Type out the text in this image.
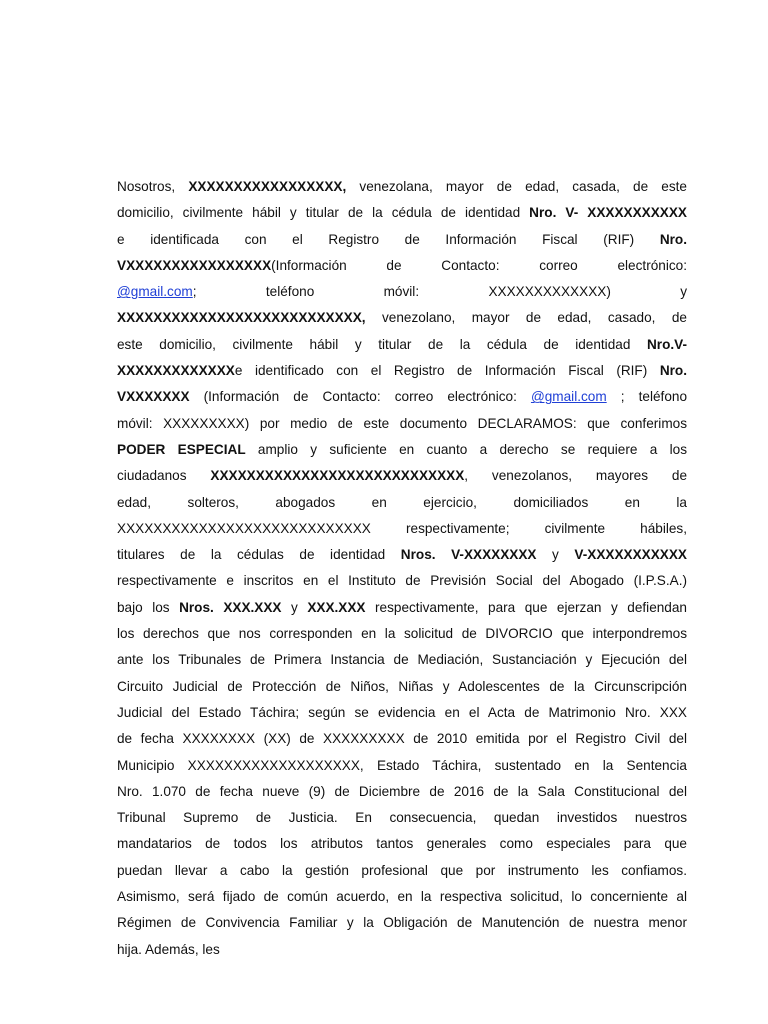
Nosotros, XXXXXXXXXXXXXXXXX, venezolana, mayor de edad, casada, de este
domicilio, civilmente hábil y titular de la cédula de identidad Nro. V- XXXXXXXXXXX
e identificada con el Registro de Información Fiscal (RIF) Nro.
VXXXXXXXXXXXXXXXX(Información de Contacto: correo electrónico:
@gmail.com; teléfono móvil: XXXXXXXXXXXXX) y
XXXXXXXXXXXXXXXXXXXXXXXXXXX, venezolano, mayor de edad, casado, de
este domicilio, civilmente hábil y titular de la cédula de identidad Nro.V-
XXXXXXXXXXXXXe identificado con el Registro de Información Fiscal (RIF) Nro.
VXXXXXXX (Información de Contacto: correo electrónico: @gmail.com ; teléfono
móvil: XXXXXXXXX) por medio de este documento DECLARAMOS: que conferimos
PODER ESPECIAL amplio y suficiente en cuanto a derecho se requiere a los
ciudadanos XXXXXXXXXXXXXXXXXXXXXXXXXXXX, venezolanos, mayores de
edad, solteros, abogados en ejercicio, domiciliados en la
XXXXXXXXXXXXXXXXXXXXXXXXXXXX respectivamente; civilmente hábiles,
titulares de la cédulas de identidad Nros. V-XXXXXXXX y V-XXXXXXXXXXX
respectivamente e inscritos en el Instituto de Previsión Social del Abogado (I.P.S.A.)
bajo los Nros. XXX.XXX y XXX.XXX respectivamente, para que ejerzan y defiendan
los derechos que nos corresponden en la solicitud de DIVORCIO que interpondremos
ante los Tribunales de Primera Instancia de Mediación, Sustanciación y Ejecución del
Circuito Judicial de Protección de Niños, Niñas y Adolescentes de la Circunscripción
Judicial del Estado Táchira; según se evidencia en el Acta de Matrimonio Nro. XXX
de fecha XXXXXXXX (XX) de XXXXXXXXX de 2010 emitida por el Registro Civil del
Municipio XXXXXXXXXXXXXXXXXXX, Estado Táchira, sustentado en la Sentencia
Nro. 1.070 de fecha nueve (9) de Diciembre de 2016 de la Sala Constitucional del
Tribunal Supremo de Justicia. En consecuencia, quedan investidos nuestros
mandatarios de todos los atributos tantos generales como especiales para que
puedan llevar a cabo la gestión profesional que por instrumento les confiamos.
Asimismo, será fijado de común acuerdo, en la respectiva solicitud, lo concerniente al
Régimen de Convivencia Familiar y la Obligación de Manutención de nuestra menor
hija. Además, les
